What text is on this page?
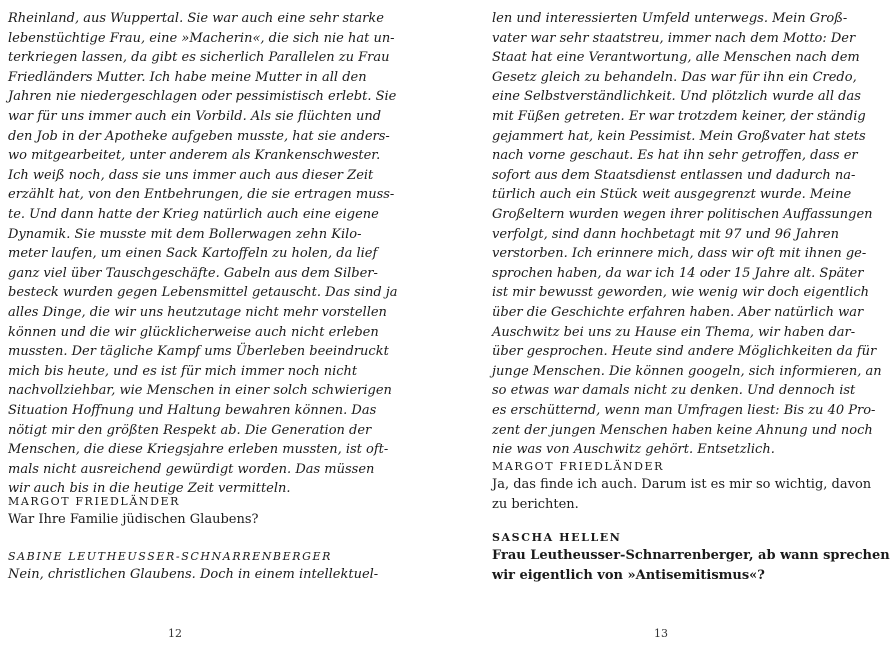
Rheinland, aus Wuppertal. Sie war auch eine sehr starke
lebenstüchtige Frau, eine »Macherin«, die sich nie hat un-
terkriegen lassen, da gibt es sicherlich Parallelen zu Frau
Friedländers Mutter. Ich habe meine Mutter in all den
Jahren nie niedergeschlagen oder pessimistisch erlebt. Sie
war für uns immer auch ein Vorbild. Als sie flüchten und
den Job in der Apotheke aufgeben musste, hat sie anders-
wo mitgearbeitet, unter anderem als Krankenschwester.
Ich weiß noch, dass sie uns immer auch aus dieser Zeit
erzählt hat, von den Entbehrungen, die sie ertragen muss-
te. Und dann hatte der Krieg natürlich auch eine eigene
Dynamik. Sie musste mit dem Bollerwagen zehn Kilo-
meter laufen, um einen Sack Kartoffeln zu holen, da lief
ganz viel über Tauschgeschäfte. Gabeln aus dem Silber-
besteck wurden gegen Lebensmittel getauscht. Das sind ja
alles Dinge, die wir uns heutzutage nicht mehr vorstellen
können und die wir glücklicherweise auch nicht erleben
mussten. Der tägliche Kampf ums Überleben beeindruckt
mich bis heute, und es ist für mich immer noch nicht
nachvollziehbar, wie Menschen in einer solch schwierigen
Situation Hoffnung und Haltung bewahren können. Das
nötigt mir den größten Respekt ab. Die Generation der
Menschen, die diese Kriegsjahre erleben mussten, ist oft-
mals nicht ausreichend gewürdigt worden. Das müssen
wir auch bis in die heutige Zeit vermitteln.
MARGOT FRIEDLÄNDER
War Ihre Familie jüdischen Glaubens?
SABINE LEUTHEUSSER-SCHNARRENBERGER
Nein, christlichen Glaubens. Doch in einem intellektuel-
12
len und interessierten Umfeld unterwegs. Mein Groß-
vater war sehr staatstreu, immer nach dem Motto: Der
Staat hat eine Verantwortung, alle Menschen nach dem
Gesetz gleich zu behandeln. Das war für ihn ein Credo,
eine Selbstverständlichkeit. Und plötzlich wurde all das
mit Füßen getreten. Er war trotzdem keiner, der ständig
gejammert hat, kein Pessimist. Mein Großvater hat stets
nach vorne geschaut. Es hat ihn sehr getroffen, dass er
sofort aus dem Staatsdienst entlassen und dadurch na-
türlich auch ein Stück weit ausgegrenzt wurde. Meine
Großeltern wurden wegen ihrer politischen Auffassungen
verfolgt, sind dann hochbetagt mit 97 und 96 Jahren
verstorben. Ich erinnere mich, dass wir oft mit ihnen ge-
sprochen haben, da war ich 14 oder 15 Jahre alt. Später
ist mir bewusst geworden, wie wenig wir doch eigentlich
über die Geschichte erfahren haben. Aber natürlich war
Auschwitz bei uns zu Hause ein Thema, wir haben dar-
über gesprochen. Heute sind andere Möglichkeiten da für
junge Menschen. Die können googeln, sich informieren, an
so etwas war damals nicht zu denken. Und dennoch ist
es erschütternd, wenn man Umfragen liest: Bis zu 40 Pro-
zent der jungen Menschen haben keine Ahnung und noch
nie was von Auschwitz gehört. Entsetzlich.
MARGOT FRIEDLÄNDER
Ja, das finde ich auch. Darum ist es mir so wichtig, davon
zu berichten.
SASCHA HELLEN
Frau Leutheusser-Schnarrenberger, ab wann sprechen
wir eigentlich von »Antisemitismus«?
13
